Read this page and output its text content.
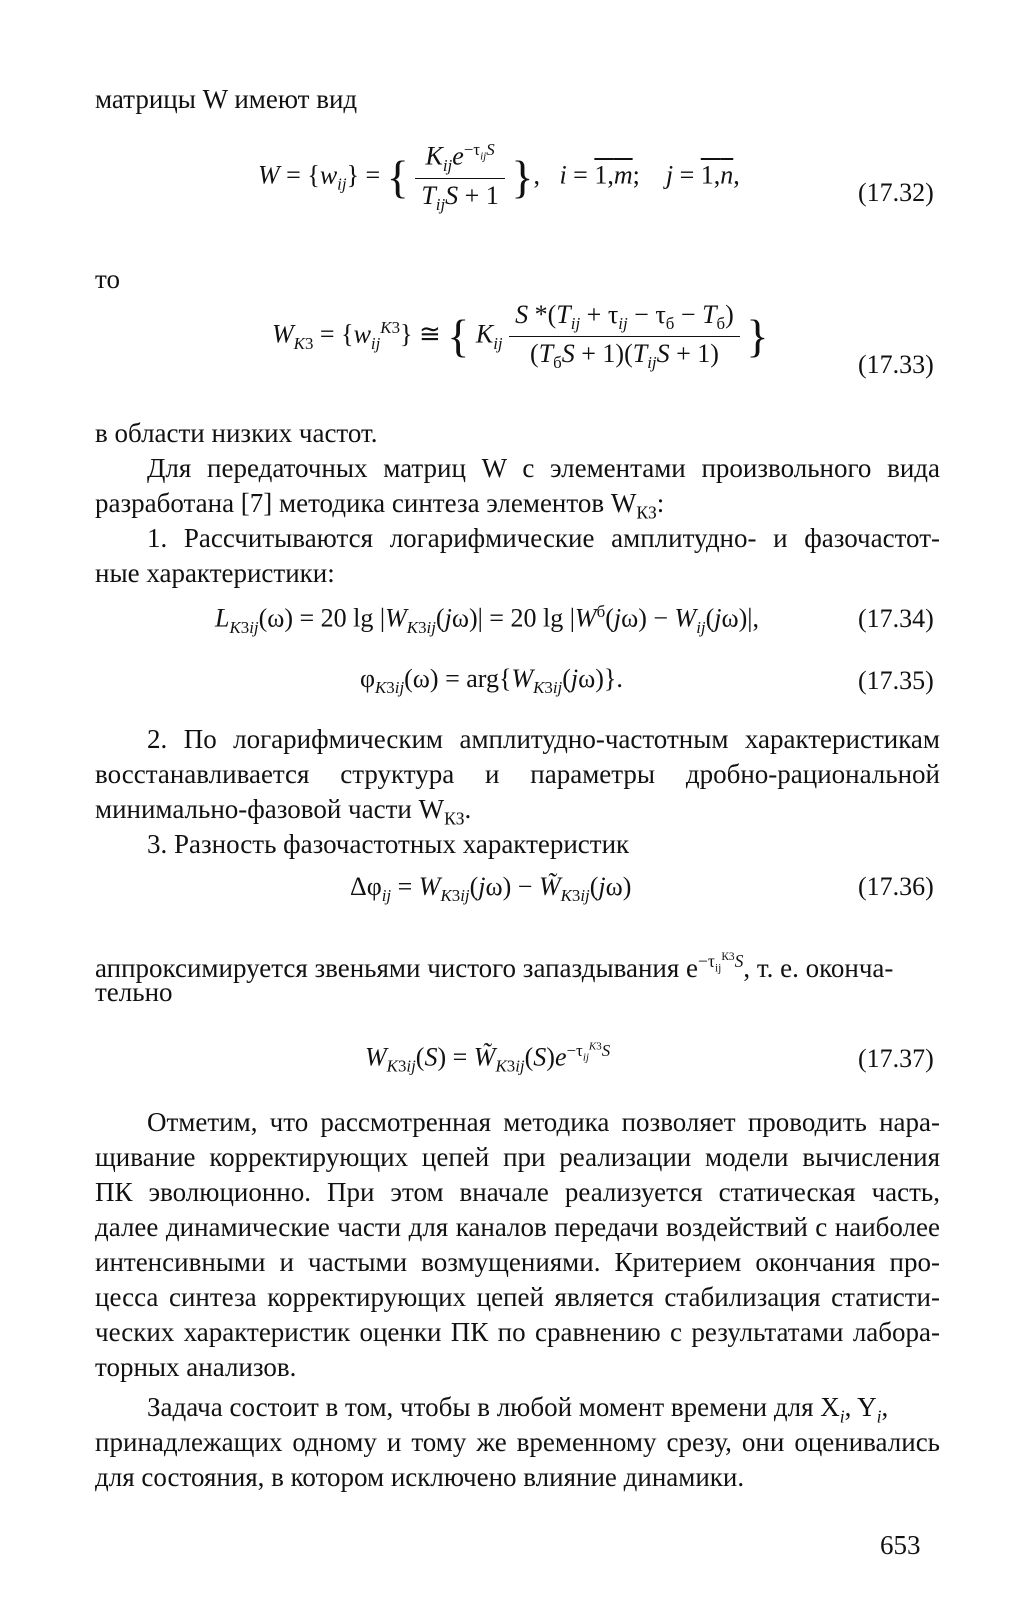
матрицы W имеют вид

$W = \{w_{ij}\}$ = { $\frac{K_{ij}e^{-\tau_{ij}S}}{T_{ij}S + 1}$ },   i = 1,m;    j = 1,n,
(17.32)

то

$W_{K3} = \{w_{ij}^{K3}\}$ ≅ { $K_{ij} \frac{S *(T_{ij} + \tau_{ij} - \tau_б - T_б)}{(T_бS + 1)(T_{ij}S + 1)}$ }
(17.33)

в области низких частот.

Для передаточных матриц W с элементами произвольного вида

разработана [7] методика синтеза элементов $W_{КЗ}$:

1. Рассчитываются логарифмические амплитудно- и фазочастот-

ные характеристики:

$L_{K3ij}(\omega) = 20$ $\lg |W_{K3ij}(j\omega)| = 20$ $\lg |W^б(j\omega) - W_{ij}(j\omega)|$,	(17.34)
$\varphi_{K3ij}(\omega) = arg\{W_{K3ij}(j\omega)\}$.	(17.35)

2. По логарифмическим амплитудно-частотным характеристикам

восстанавливается структура и параметры дробно-рациональной

минимально-фазовой части $W_{КЗ}$.

3. Разность фазочастотных характеристик

$\Delta\varphi_{ij} = W_{K3ij}(j\omega)$ − $W̃_{K3ij}(j\omega)$	(17.36)

аппроксимируется звеньями чистого запаздывания $e^{-\tau_{ij}^{К3}S}$, т. е. оконча-

тельно

$W_{K3ij}(S)$ = $W̃_{K3ij}(S)e^{-\tau_{ij}^{K3}S}$	(17.37)

Отметим, что рассмотренная методика позволяет проводить нара-

щивание корректирующих цепей при реализации модели вычисления

ПК эволюционно. При этом вначале реализуется статическая часть,

далее динамические части для каналов передачи воздействий с наиболее

интенсивными и частыми возмущениями. Критерием окончания про-

цесса синтеза корректирующих цепей является стабилизация статисти-

ческих характеристик оценки ПК по сравнению с результатами лабора-

торных анализов.

Задача состоит в том, чтобы в любой момент времени для $X_i$, $Y_i$,

принадлежащих одному и тому же временному срезу, они оценивались

для состояния, в котором исключено влияние динамики.

653
